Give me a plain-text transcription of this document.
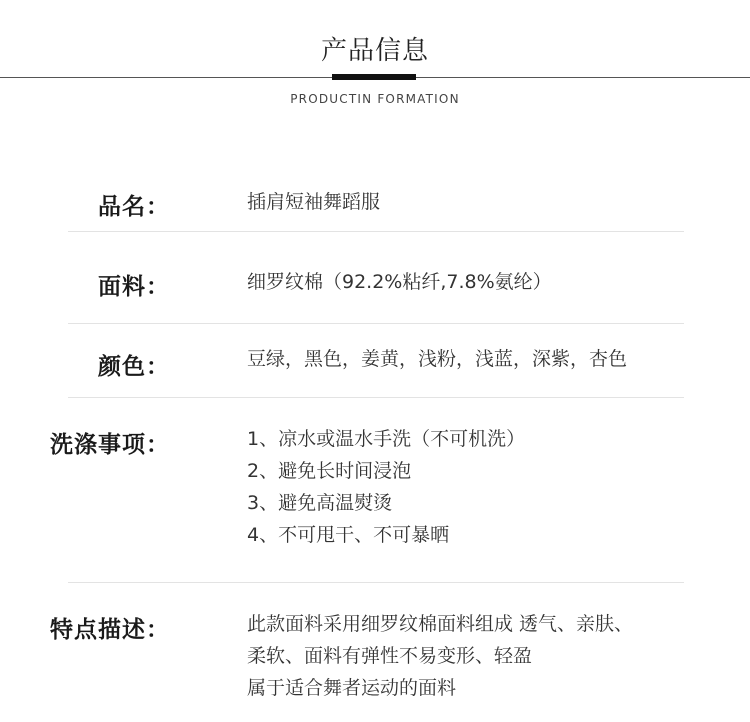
产品信息
PRODUCTIN FORMATION
品名：	插肩短袖舞蹈服
面料：	细罗纹棉（92.2%粘纤,7.8%氨纶）
颜色：	豆绿，黑色，姜黄，浅粉，浅蓝，深紫，杏色
洗涤事项：	1、凉水或温水手洗（不可机洗）
2、避免长时间浸泡
3、避免高温熨烫
4、不可甩干、不可暴晒
特点描述：	此款面料采用细罗纹棉面料组成 透气、亲肤、
柔软、面料有弹性不易变形、轻盈
属于适合舞者运动的面料
